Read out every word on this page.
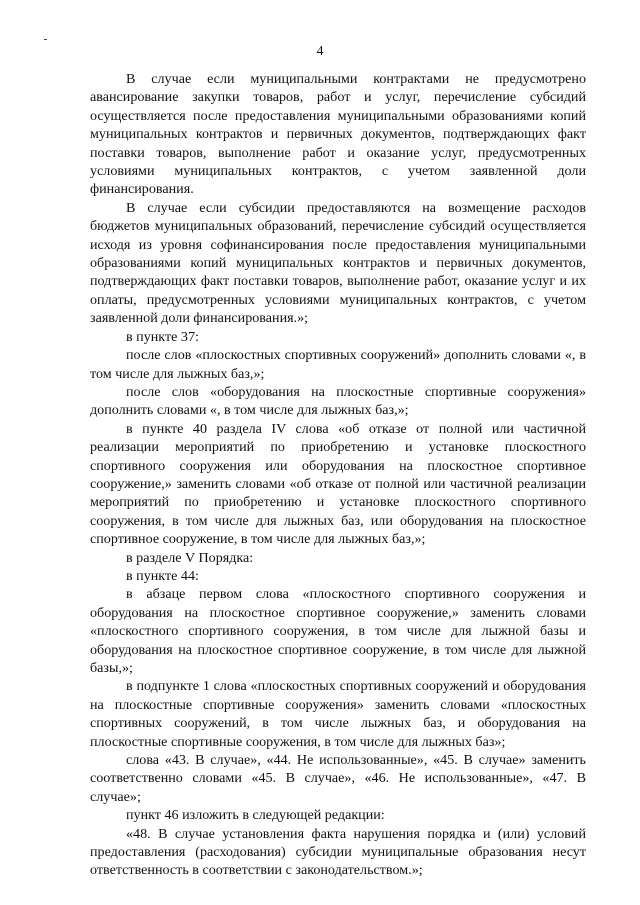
4

В случае если муниципальными контрактами не предусмотрено авансирование закупки товаров, работ и услуг, перечисление субсидий осуществляется после предоставления муниципальными образованиями копий муниципальных контрактов и первичных документов, подтверждающих факт поставки товаров, выполнение работ и оказание услуг, предусмотренных условиями муниципальных контрактов, с учетом заявленной доли финансирования.

В случае если субсидии предоставляются на возмещение расходов бюджетов муниципальных образований, перечисление субсидий осуществляется исходя из уровня софинансирования после предоставления муниципальными образованиями копий муниципальных контрактов и первичных документов, подтверждающих факт поставки товаров, выполнение работ, оказание услуг и их оплаты, предусмотренных условиями муниципальных контрактов, с учетом заявленной доли финансирования.»;

в пункте 37:

после слов «плоскостных спортивных сооружений» дополнить словами «, в том числе для лыжных баз,»;

после слов «оборудования на плоскостные спортивные сооружения» дополнить словами «, в том числе для лыжных баз,»;

в пункте 40 раздела IV слова «об отказе от полной или частичной реализации мероприятий по приобретению и установке плоскостного спортивного сооружения или оборудования на плоскостное спортивное сооружение,» заменить словами «об отказе от полной или частичной реализации мероприятий по приобретению и установке плоскостного спортивного сооружения, в том числе для лыжных баз, или оборудования на плоскостное спортивное сооружение, в том числе для лыжных баз,»;

в разделе V Порядка:

в пункте 44:

в абзаце первом слова «плоскостного спортивного сооружения и оборудования на плоскостное спортивное сооружение,» заменить словами «плоскостного спортивного сооружения, в том числе для лыжной базы и оборудования на плоскостное спортивное сооружение, в том числе для лыжной базы,»;

в подпункте 1 слова «плоскостных спортивных сооружений и оборудования на плоскостные спортивные сооружения» заменить словами «плоскостных спортивных сооружений, в том числе лыжных баз, и оборудования на плоскостные спортивные сооружения, в том числе для лыжных баз»;

слова «43. В случае», «44. Не использованные», «45. В случае» заменить соответственно словами «45. В случае», «46. Не использованные», «47. В случае»;

пункт 46 изложить в следующей редакции:

«48. В случае установления факта нарушения порядка и (или) условий предоставления (расходования) субсидии муниципальные образования несут ответственность в соответствии с законодательством.»;
